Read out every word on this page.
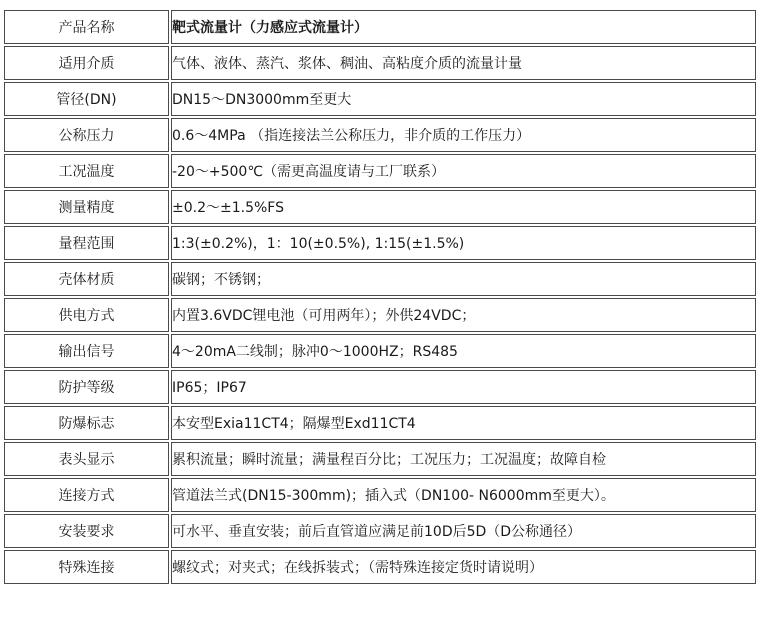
产品名称	靶式流量计（力感应式流量计）
适用介质	气体、液体、蒸汽、浆体、稠油、高粘度介质的流量计量
管径(DN)	DN15～DN3000mm至更大
公称压力	0.6～4MPa （指连接法兰公称压力，非介质的工作压力）
工况温度	-20～+500℃（需更高温度请与工厂联系）
测量精度	±0.2～±1.5%FS
量程范围	1:3(±0.2%)，1：10(±0.5%), 1:15(±1.5%)
壳体材质	碳钢；不锈钢；
供电方式	内置3.6VDC锂电池（可用两年）；外供24VDC；
输出信号	4～20mA二线制；脉冲0～1000HZ；RS485
防护等级	IP65；IP67
防爆标志	本安型Exia11CT4；隔爆型Exd11CT4
表头显示	累积流量；瞬时流量；满量程百分比；工况压力；工况温度；故障自检
连接方式	管道法兰式(DN15-300mm)；插入式（DN100- N6000mm至更大）。
安装要求	可水平、垂直安装；前后直管道应满足前10D后5D（D公称通径）
特殊连接	螺纹式；对夹式；在线拆装式；（需特殊连接定货时请说明）
